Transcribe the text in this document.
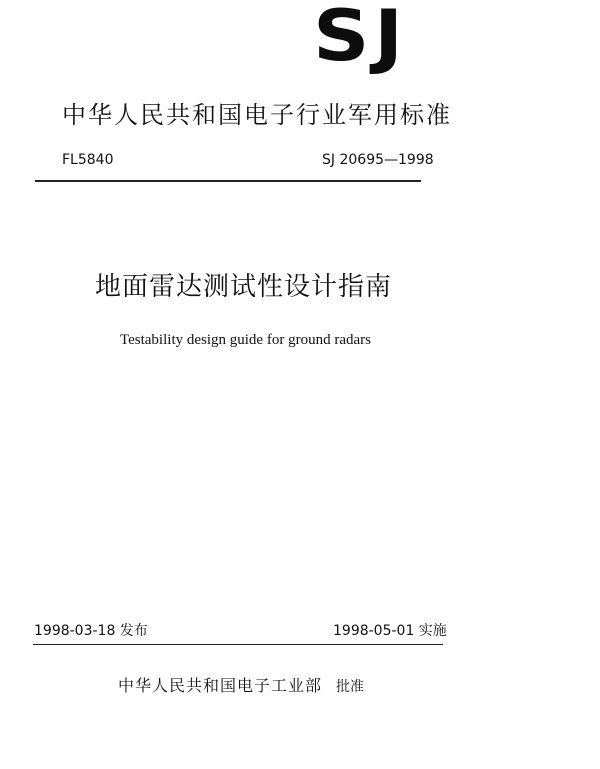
SJ
中华人民共和国电子行业军用标准
FL5840	SJ 20695—1998
地面雷达测试性设计指南
Testability design guide for ground radars
1998-03-18 发布	1998-05-01 实施
中华人民共和国电子工业部 批准
